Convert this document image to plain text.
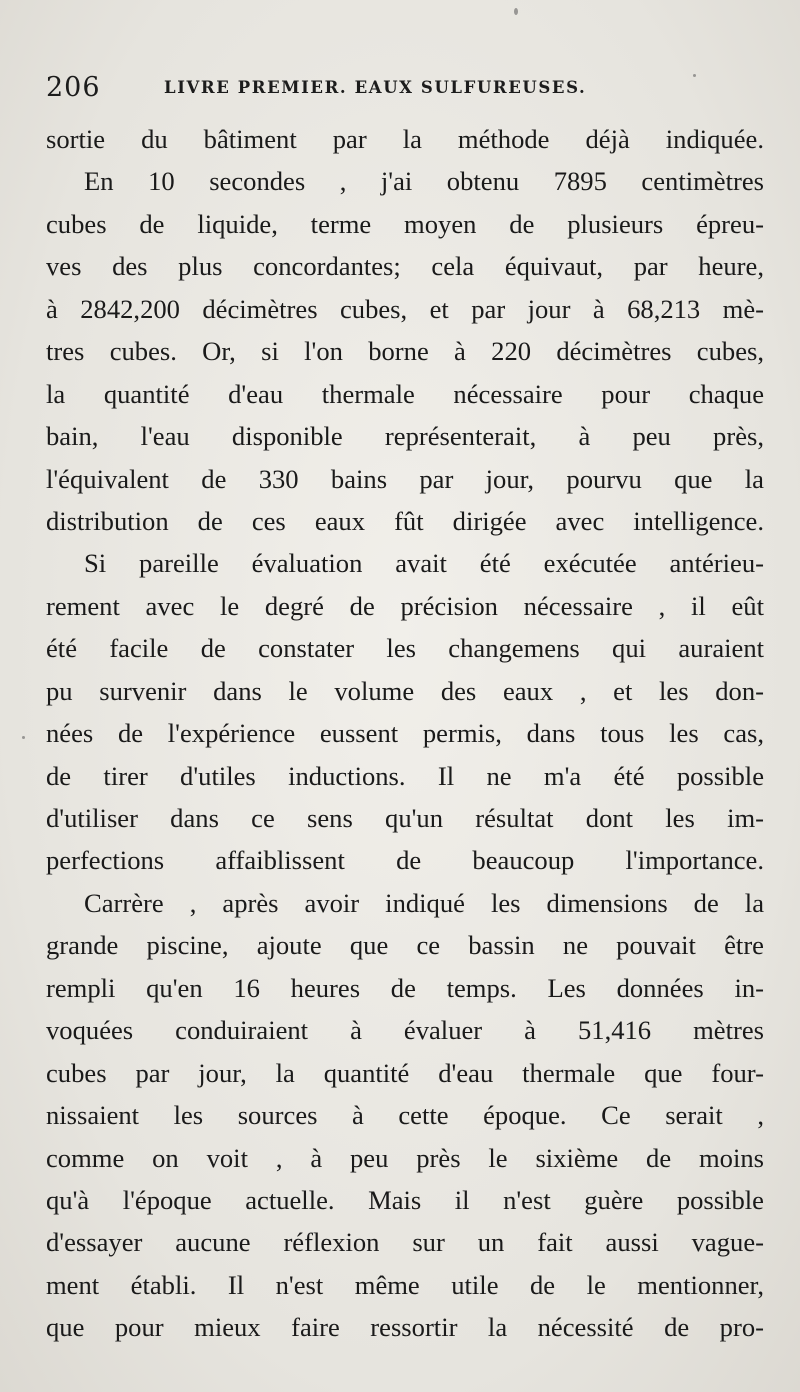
206	LIVRE PREMIER. EAUX SULFUREUSES.
sortie du bâtiment par la méthode déjà indiquée.
En 10 secondes , j'ai obtenu 7895 centimètres
cubes de liquide, terme moyen de plusieurs épreu-
ves des plus concordantes; cela équivaut, par heure,
à 2842,200 décimètres cubes, et par jour à 68,213 mè-
tres cubes. Or, si l'on borne à 220 décimètres cubes,
la quantité d'eau thermale nécessaire pour chaque
bain, l'eau disponible représenterait, à peu près,
l'équivalent de 330 bains par jour, pourvu que la
distribution de ces eaux fût dirigée avec intelligence.
Si pareille évaluation avait été exécutée antérieu-
rement avec le degré de précision nécessaire , il eût
été facile de constater les changemens qui auraient
pu survenir dans le volume des eaux , et les don-
nées de l'expérience eussent permis, dans tous les cas,
de tirer d'utiles inductions. Il ne m'a été possible
d'utiliser dans ce sens qu'un résultat dont les im-
perfections affaiblissent de beaucoup l'importance.
Carrère , après avoir indiqué les dimensions de la
grande piscine, ajoute que ce bassin ne pouvait être
rempli qu'en 16 heures de temps. Les données in-
voquées conduiraient à évaluer à 51,416 mètres
cubes par jour, la quantité d'eau thermale que four-
nissaient les sources à cette époque. Ce serait ,
comme on voit , à peu près le sixième de moins
qu'à l'époque actuelle. Mais il n'est guère possible
d'essayer aucune réflexion sur un fait aussi vague-
ment établi. Il n'est même utile de le mentionner,
que pour mieux faire ressortir la nécessité de pro-
